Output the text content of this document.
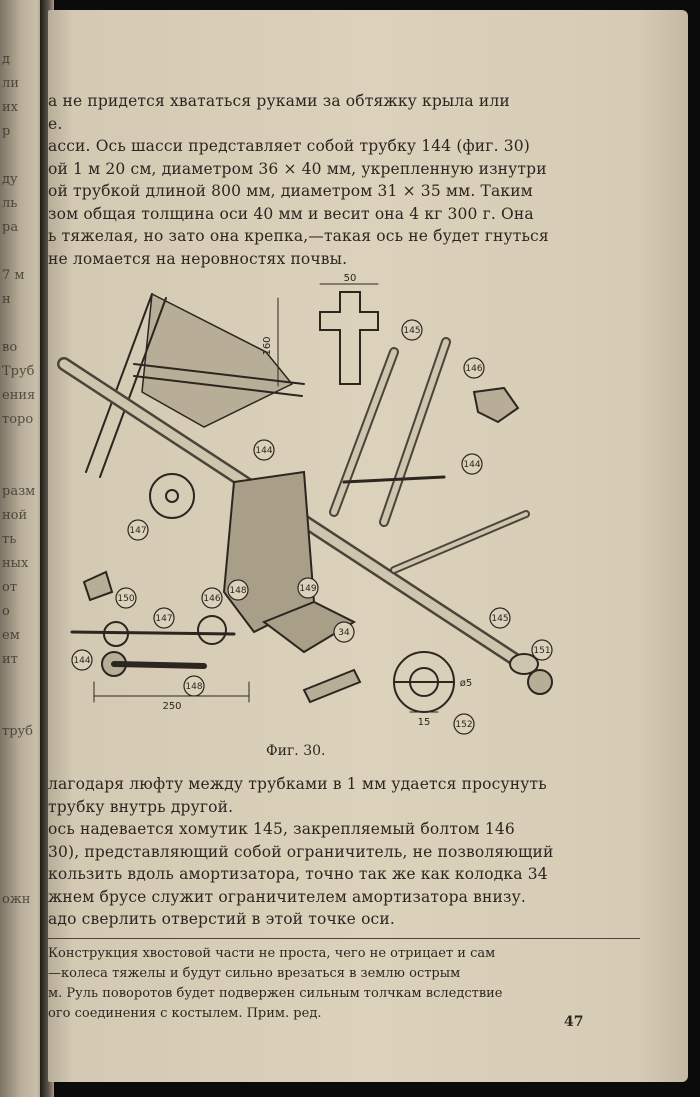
д
ли
их
р

ду
ль
ра

7 м
н

во
Труб
ения
торо

разм
ной
ть
ных
от
о
ем
ит

труб

ожн
а не придется хвататься руками за обтяжку крыла или
е.
асси. Ось шасси представляет собой трубку 144 (фиг. 30)
ой 1 м 20 см, диаметром 36 × 40 мм, укрепленную изнутри
ой трубкой длиной 800 мм, диаметром 31 × 35 мм. Таким
зом общая толщина оси 40 мм и весит она 4 кг 300 г. Она
ь тяжелая, но зато она крепка,—такая ось не будет гнуться
не ломается на неровностях почвы.
145
146
144
144
147
150
147
146
144
148
145
151
152
34
148	149
50
160
250
15
ø5
Фиг. 30.
лагодаря люфту между трубками в 1 мм удается просунуть
трубку внутрь другой.
ось надевается хомутик 145, закрепляемый болтом 146
30), представляющий собой ограничитель, не позволяющий
кользить вдоль амортизатора, точно так же как колодка 34
жнем брусе служит ограничителем амортизатора внизу.
адо сверлить отверстий в этой точке оси.
Конструкция хвостовой части не проста, чего не отрицает и сам
—колеса тяжелы и будут сильно врезаться в землю острым
м. Руль поворотов будет подвержен сильным толчкам вследствие
ого соединения с костылем. Прим. ред.
47
